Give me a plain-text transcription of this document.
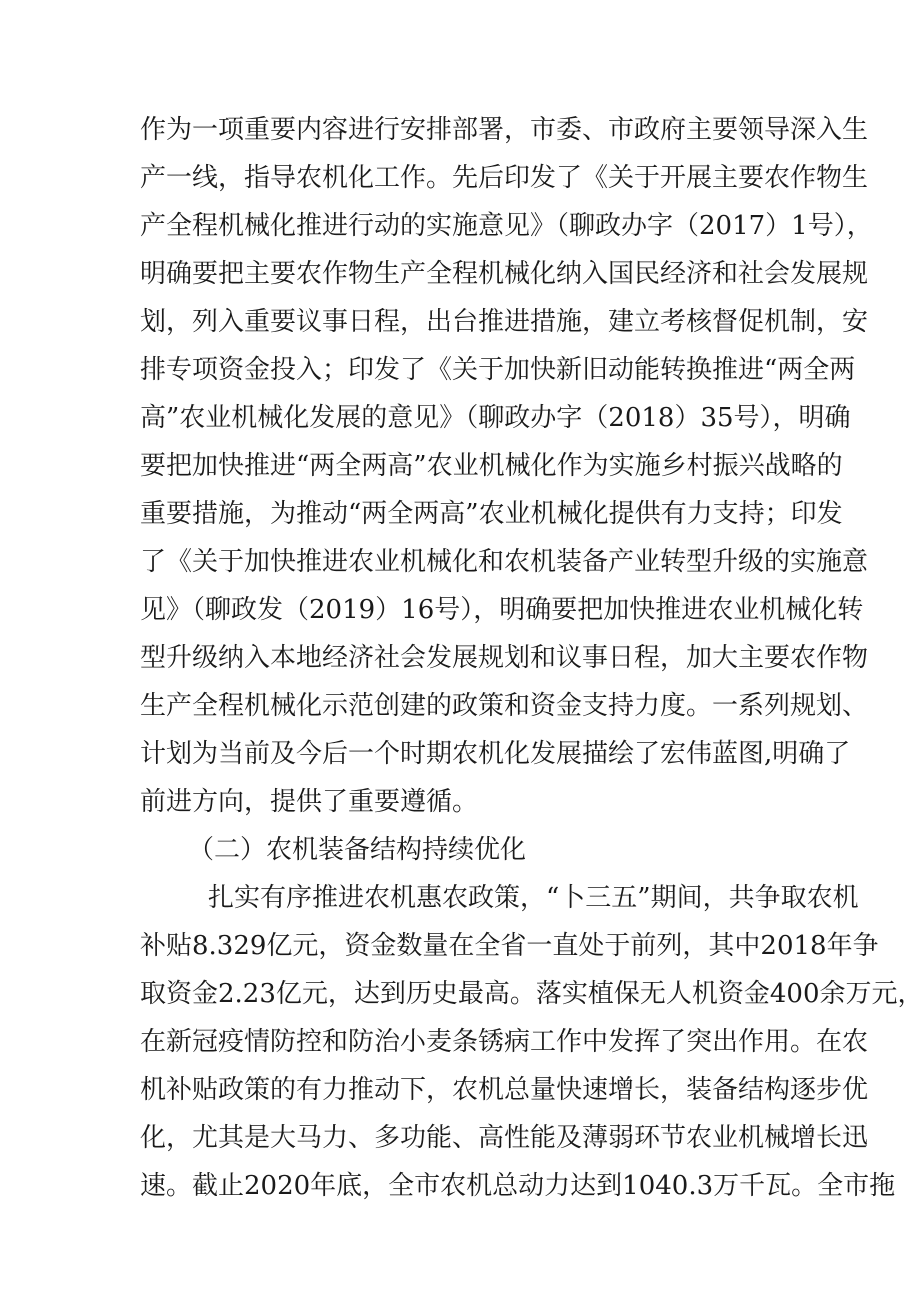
作为一项重要内容进行安排部署，市委、市政府主要领导深入生
产一线，指导农机化工作。先后印发了《关于开展主要农作物生
产全程机械化推进行动的实施意见》（聊政办字（2017）1号），
明确要把主要农作物生产全程机械化纳入国民经济和社会发展规
划，列入重要议事日程，出台推进措施，建立考核督促机制，安
排专项资金投入；印发了《关于加快新旧动能转换推进“两全两
高”农业机械化发展的意见》（聊政办字（2018）35号），明确
要把加快推进“两全两高”农业机械化作为实施乡村振兴战略的
重要措施，为推动“两全两高”农业机械化提供有力支持；印发
了《关于加快推进农业机械化和农机装备产业转型升级的实施意
见》（聊政发（2019）16号），明确要把加快推进农业机械化转
型升级纳入本地经济社会发展规划和议事日程，加大主要农作物
生产全程机械化示范创建的政策和资金支持力度。一系列规划、
计划为当前及今后一个时期农机化发展描绘了宏伟蓝图,明确了
前进方向，提供了重要遵循。
（二）农机装备结构持续优化
扎实有序推进农机惠农政策，“卜三五”期间，共争取农机
补贴8.329亿元，资金数量在全省一直处于前列，其中2018年争
取资金2.23亿元，达到历史最高。落实植保无人机资金400余万元，
在新冠疫情防控和防治小麦条锈病工作中发挥了突出作用。在农
机补贴政策的有力推动下，农机总量快速增长，装备结构逐步优
化，尤其是大马力、多功能、高性能及薄弱环节农业机械增长迅
速。截止2020年底，全市农机总动力达到1040.3万千瓦。全市拖
